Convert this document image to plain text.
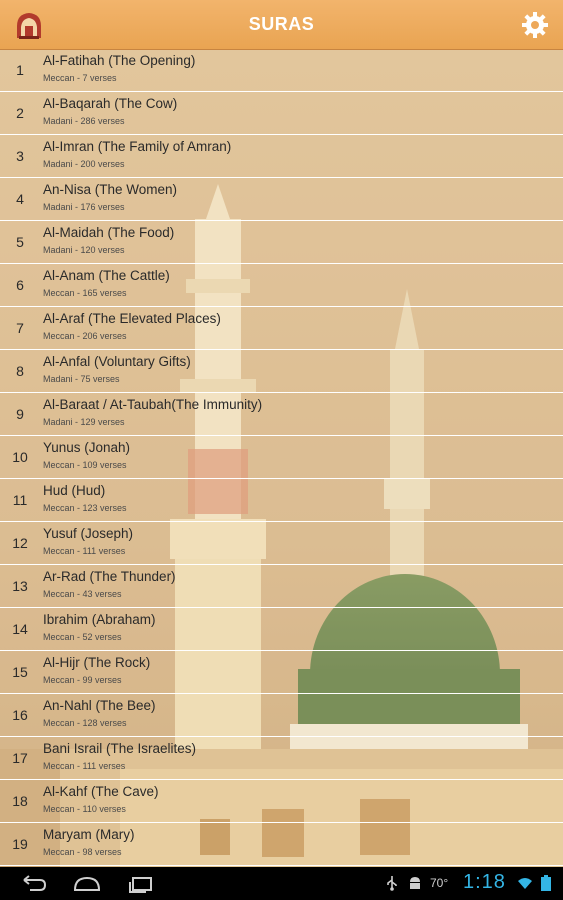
SURAS
1
Al-Fatihah (The Opening)
Meccan - 7 verses
2
Al-Baqarah (The Cow)
Madani - 286 verses
3
Al-Imran (The Family of Amran)
Madani - 200 verses
4
An-Nisa (The Women)
Madani - 176 verses
5
Al-Maidah (The Food)
Madani - 120 verses
6
Al-Anam (The Cattle)
Meccan - 165 verses
7
Al-Araf (The Elevated Places)
Meccan - 206 verses
8
Al-Anfal (Voluntary Gifts)
Madani - 75 verses
9
Al-Baraat / At-Taubah(The Immunity)
Madani - 129 verses
10
Yunus (Jonah)
Meccan - 109 verses
11
Hud (Hud)
Meccan - 123 verses
12
Yusuf (Joseph)
Meccan - 111 verses
13
Ar-Rad (The Thunder)
Meccan - 43 verses
14
Ibrahim (Abraham)
Meccan - 52 verses
15
Al-Hijr (The Rock)
Meccan - 99 verses
16
An-Nahl (The Bee)
Meccan - 128 verses
17
Bani Israil (The Israelites)
Meccan - 111 verses
18
Al-Kahf (The Cave)
Meccan - 110 verses
19
Maryam (Mary)
Meccan - 98 verses
70° 1:18
